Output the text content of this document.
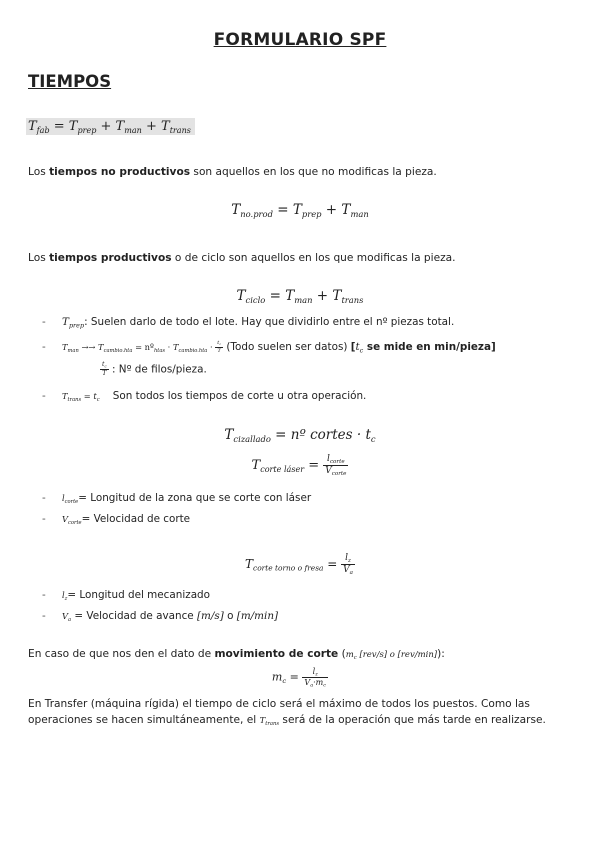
FORMULARIO SPF
TIEMPOS
$T_{fab} = T_{prep} + T_{man} + T_{trans}$
Los tiempos no productivos son aquellos en los que no modificas la pieza.
$T_{no.prod} = T_{prep} + T_{man}$
Los tiempos productivos o de ciclo son aquellos en los que modificas la pieza.
$T_{ciclo} = T_{man} + T_{trans}$
- $T_{prep}$: Suelen darlo de todo el lote. Hay que dividirlo entre el nº piezas total.
- $T_{man} \to\to T_{cambio.hta}$ = nº$_{htas}$ · $T_{cambio.hta} \cdot \frac{t_c}{T}$ (Todo suelen ser datos) [$t_c$ se mide en min/pieza]
$\frac{t_c}{T}$ : Nº de filos/pieza.
- $T_{trans} = t_c$ Son todos los tiempos de corte u otra operación.
$T_{cizallado}$ = nº cortes · $t_c$
$T_{corte láser} = \frac{l_{corte}}{V_{corte}}$
- $l_{corte}=$ Longitud de la zona que se corte con láser
- $V_{corte}=$ Velocidad de corte
$T_{corte torno o fresa} = \frac{l_z}{V_a}$
- $l_z=$ Longitud del mecanizado
- $V_a$ = Velocidad de avance [m/s] o [m/min]
En caso de que nos den el dato de movimiento de corte ($m_c$ [rev/s] o [rev/min]):
$m_c = \frac{l_z}{V_a\cdot m_c}$
En Transfer (máquina rígida) el tiempo de ciclo será el máximo de todos los puestos. Como las
operaciones se hacen simultáneamente, el $T_{trans}$ será de la operación que más tarde en realizarse.
